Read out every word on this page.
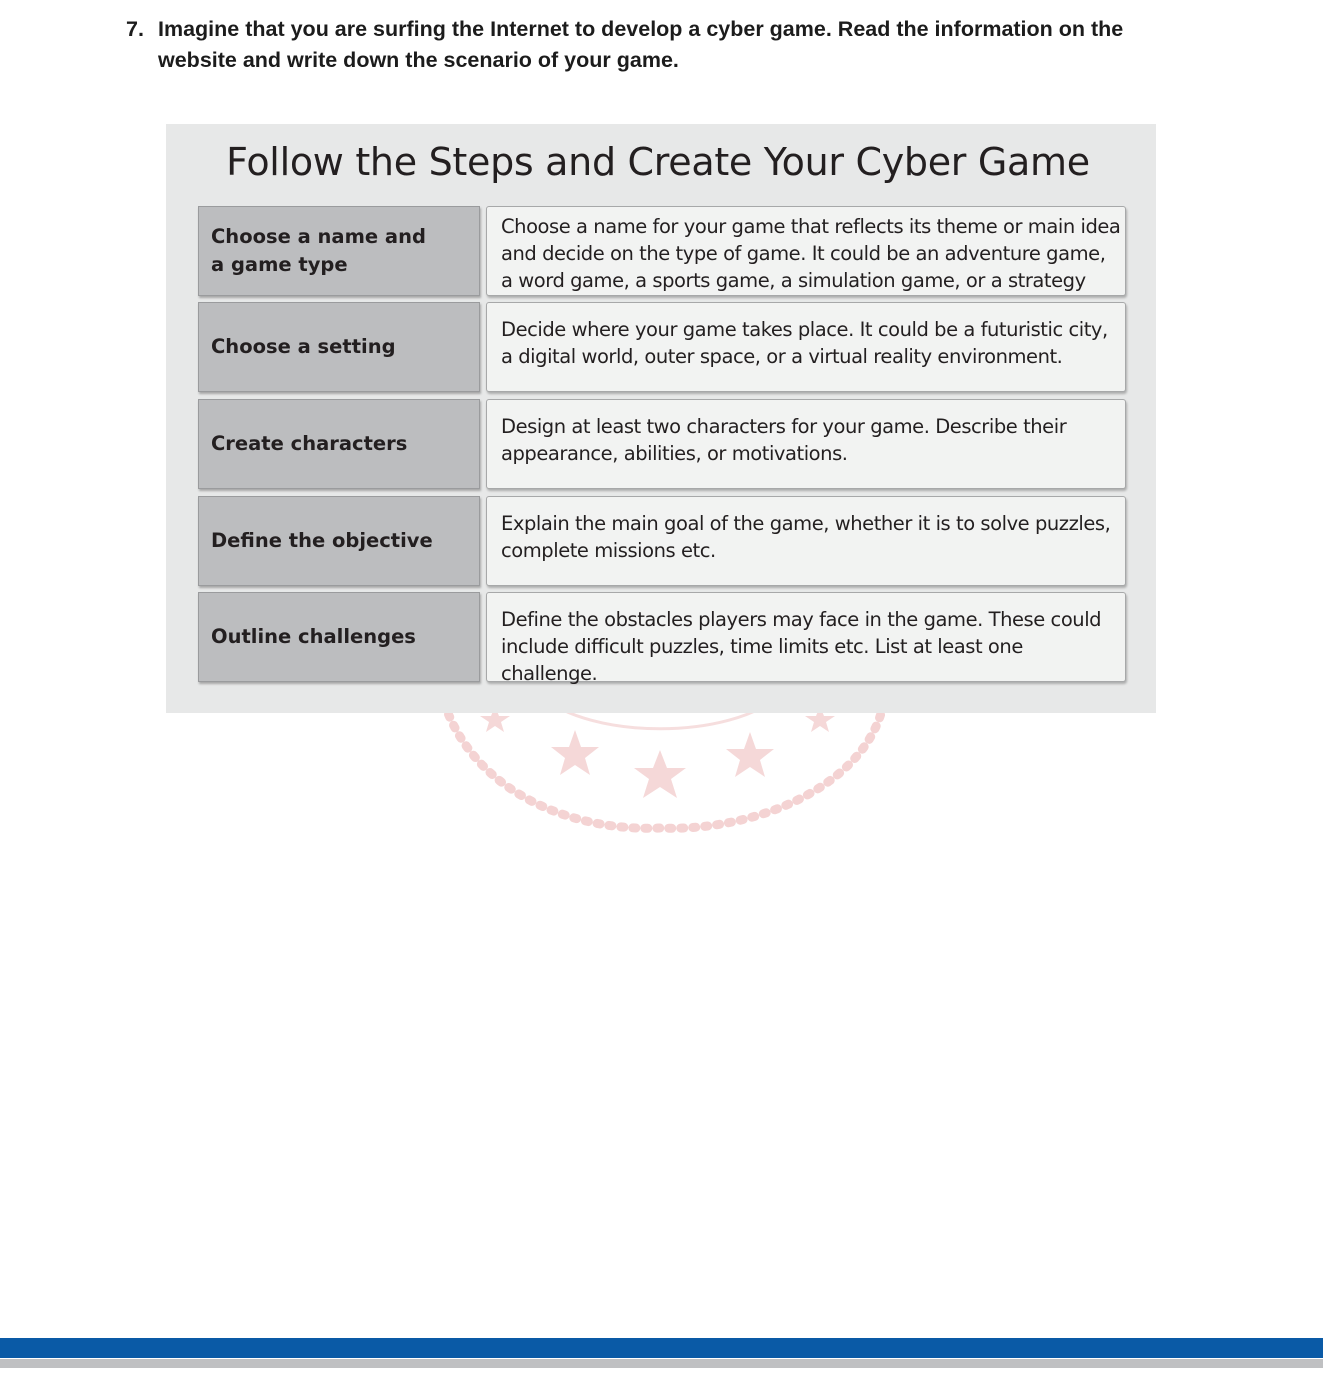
7. Imagine that you are surfing the Internet to develop a cyber game. Read the information on the website and write down the scenario of your game.
Follow the Steps and Create Your Cyber Game
Choose a name and
a game type
Choose a name for your game that reflects its theme or main idea
and decide on the type of game. It could be an adventure game,
a word game, a sports game, a simulation game, or a strategy
Choose a setting
Decide where your game takes place. It could be a futuristic city,
a digital world, outer space, or a virtual reality environment.
Create characters
Design at least two characters for your game. Describe their
appearance, abilities, or motivations.
Define the objective
Explain the main goal of the game, whether it is to solve puzzles,
complete missions etc.
Outline challenges
Define the obstacles players may face in the game. These could
include difficult puzzles, time limits etc. List at least one challenge.
